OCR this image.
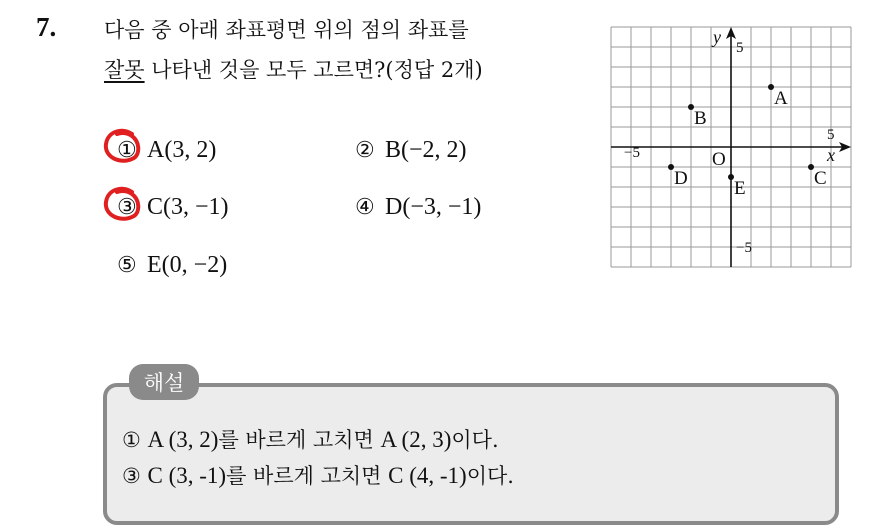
7. 다음 중 아래 좌표평면 위의 점의 좌표를
잘못 나타낸 것을 모두 고르면?(정답 2개)
① A(3, 2)	② B(−2, 2)
③ C(3, −1)	④ D(−3, −1)
⑤ E(0, −2)
y
x
O
5
−5
5
−5
A
B
C
D E
해설
① A (3, 2)를 바르게 고치면 A (2, 3)이다.
③ C (3, -1)를 바르게 고치면 C (4, -1)이다.
